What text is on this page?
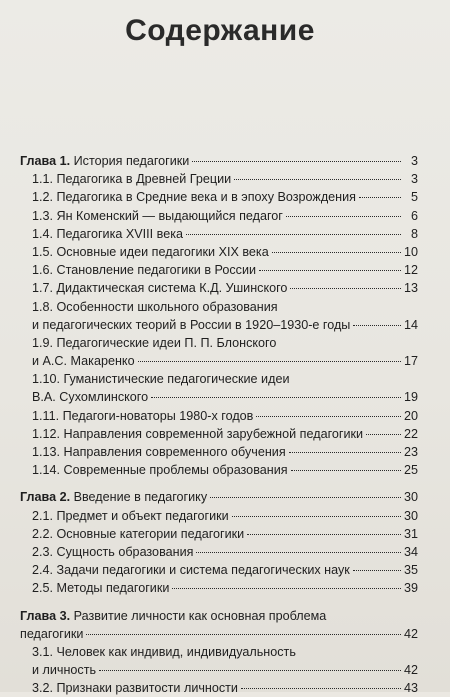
Содержание
Глава 1. История педагогики	3
1.1. Педагогика в Древней Греции	3
1.2. Педагогика в Средние века и в эпоху Возрождения	5
1.3. Ян Коменский — выдающийся педагог	6
1.4. Педагогика XVIII века	8
1.5. Основные идеи педагогики XIX века	10
1.6. Становление педагогики в России	12
1.7. Дидактическая система К.Д. Ушинского	13
1.8. Особенности школьного образования
и педагогических теорий в России в 1920–1930-е годы	14
1.9. Педагогические идеи П. П. Блонского
и А.С. Макаренко	17
1.10. Гуманистические педагогические идеи
В.А. Сухомлинского	19
1.11. Педагоги-новаторы 1980-х годов	20
1.12. Направления современной зарубежной педагогики	22
1.13. Направления современного обучения	23
1.14. Современные проблемы образования	25
Глава 2. Введение в педагогику	30
2.1. Предмет и объект педагогики	30
2.2. Основные категории педагогики	31
2.3. Сущность образования	34
2.4. Задачи педагогики и система педагогических наук	35
2.5. Методы педагогики	39
Глава 3. Развитие личности как основная проблема
педагогики	42
3.1. Человек как индивид, индивидуальность
и личность	42
3.2. Признаки развитости личности	43
